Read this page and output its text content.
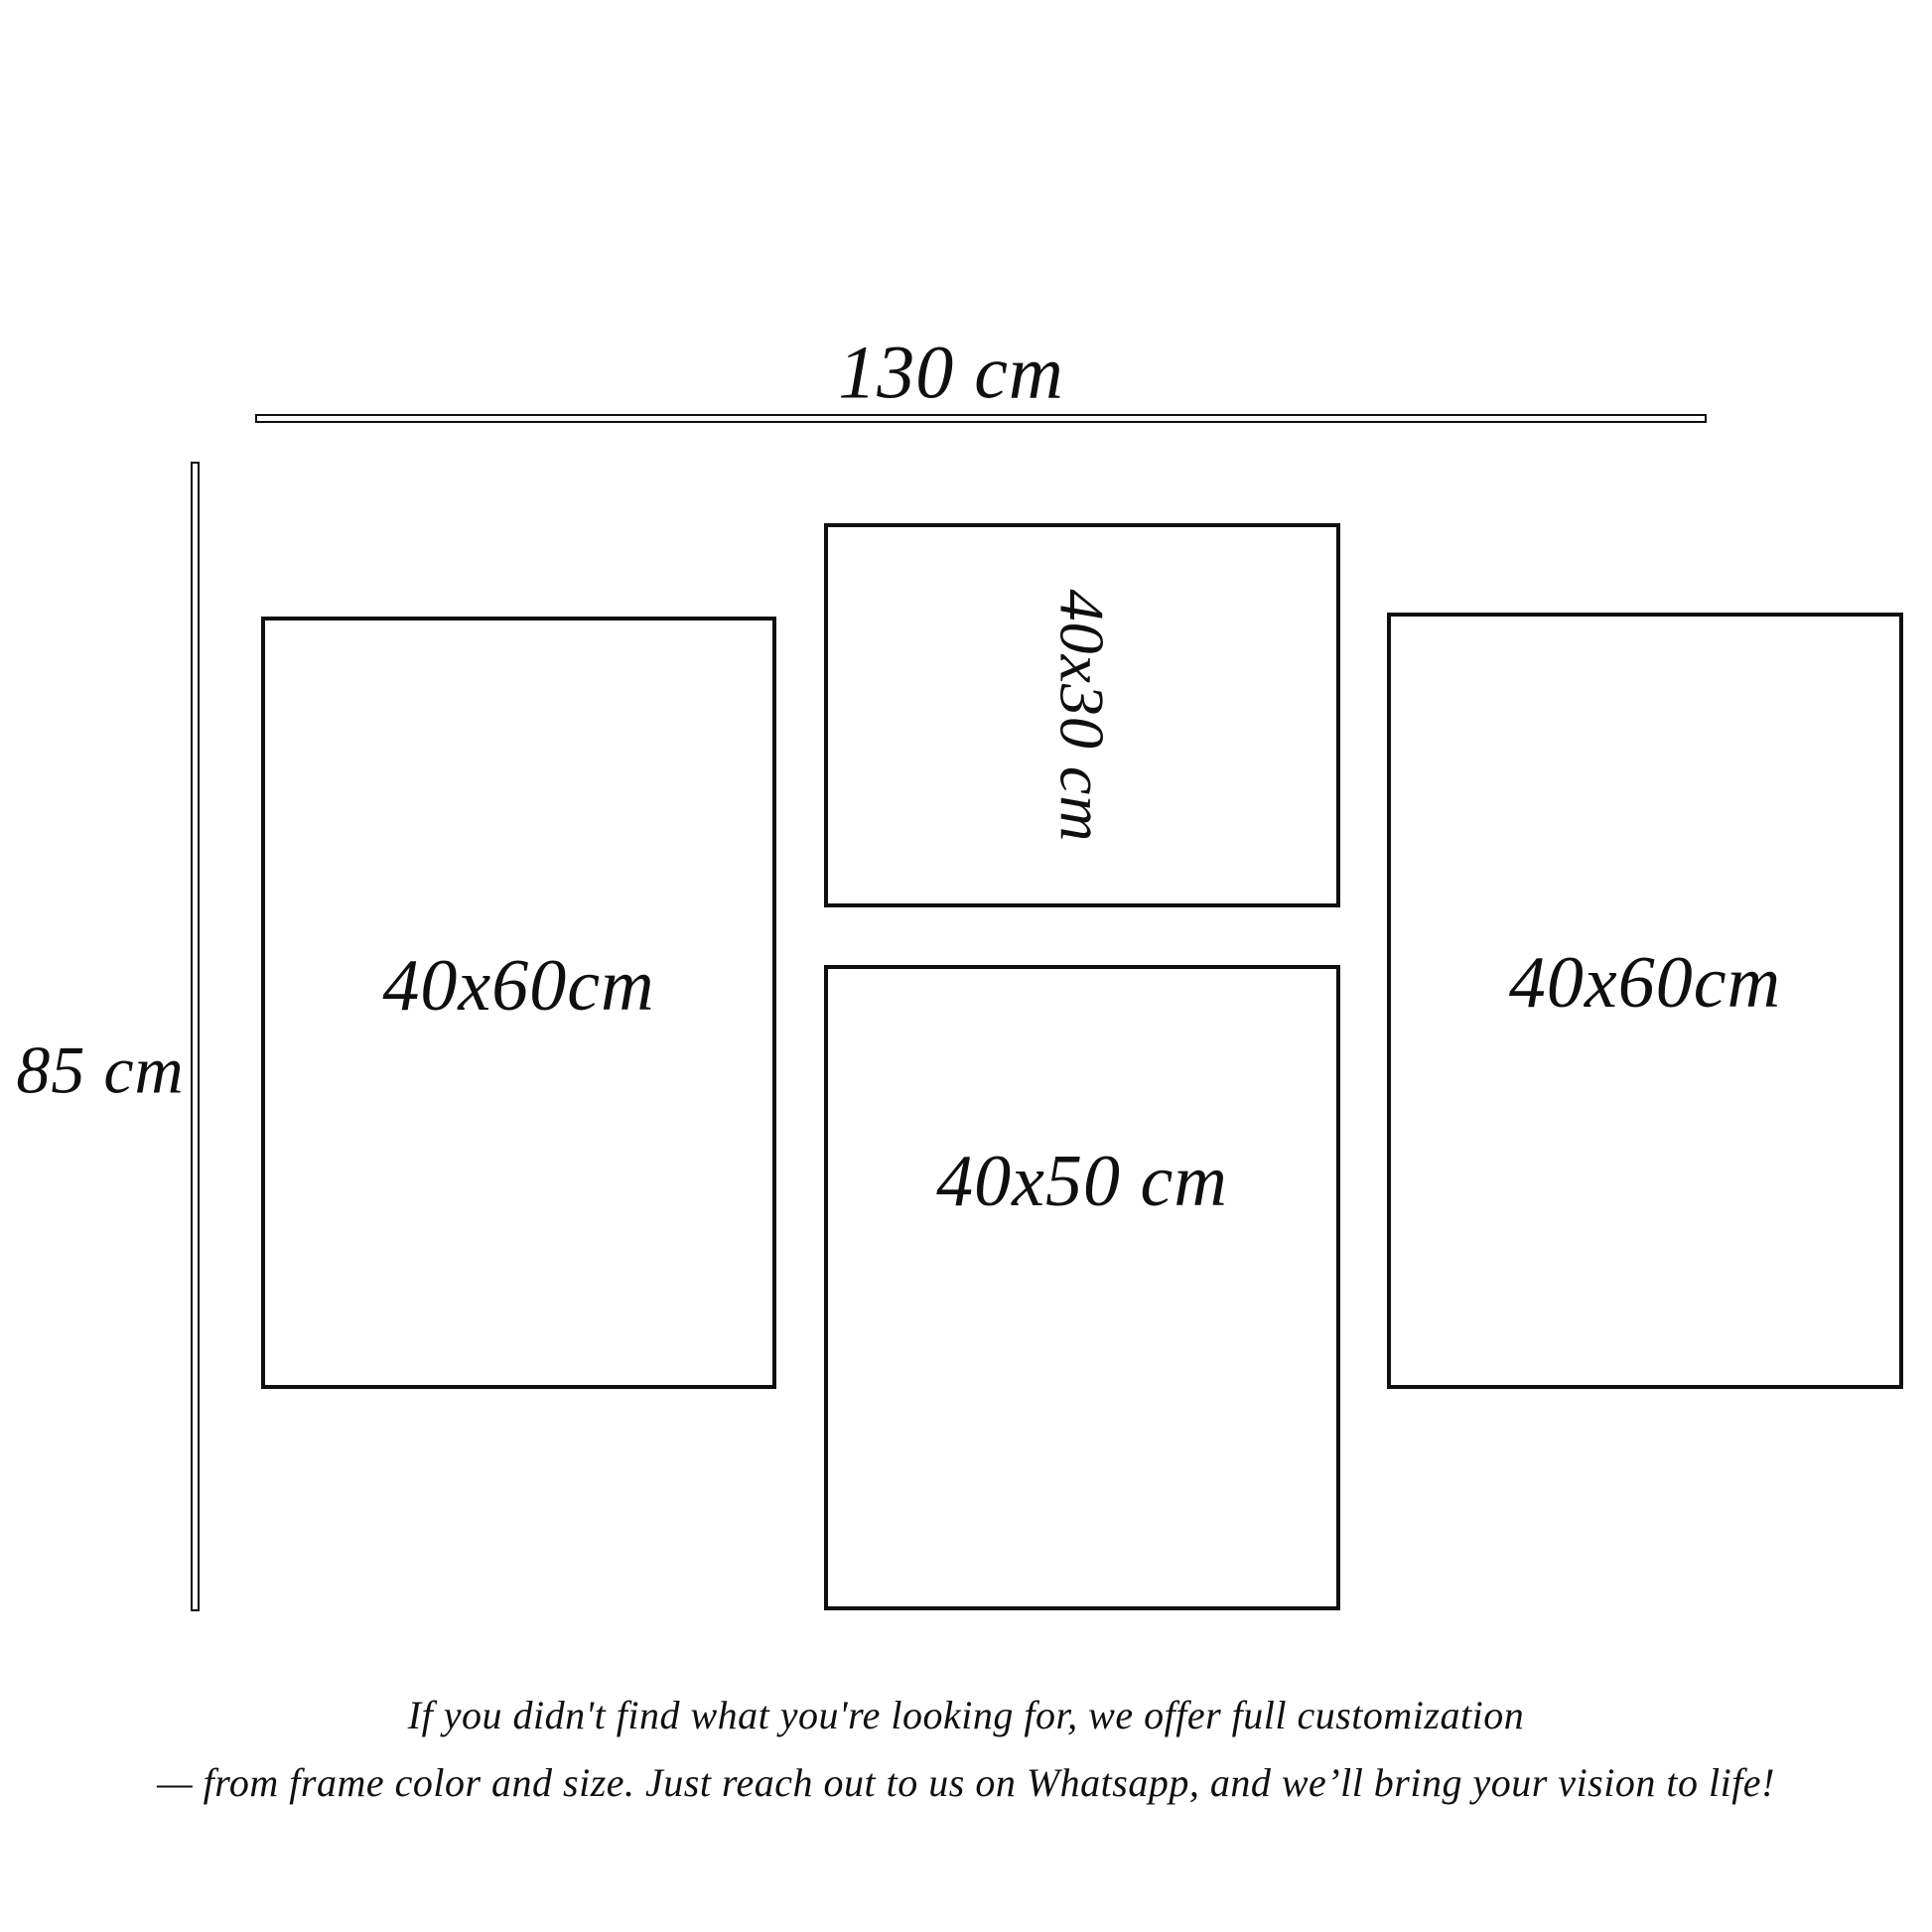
130 cm
85 cm
40x60cm
40x30 cm
40x50 cm
40x60cm
If you didn't find what you're looking for, we offer full customization
— from frame color and size. Just reach out to us on Whatsapp, and we’ll bring your vision to life!
